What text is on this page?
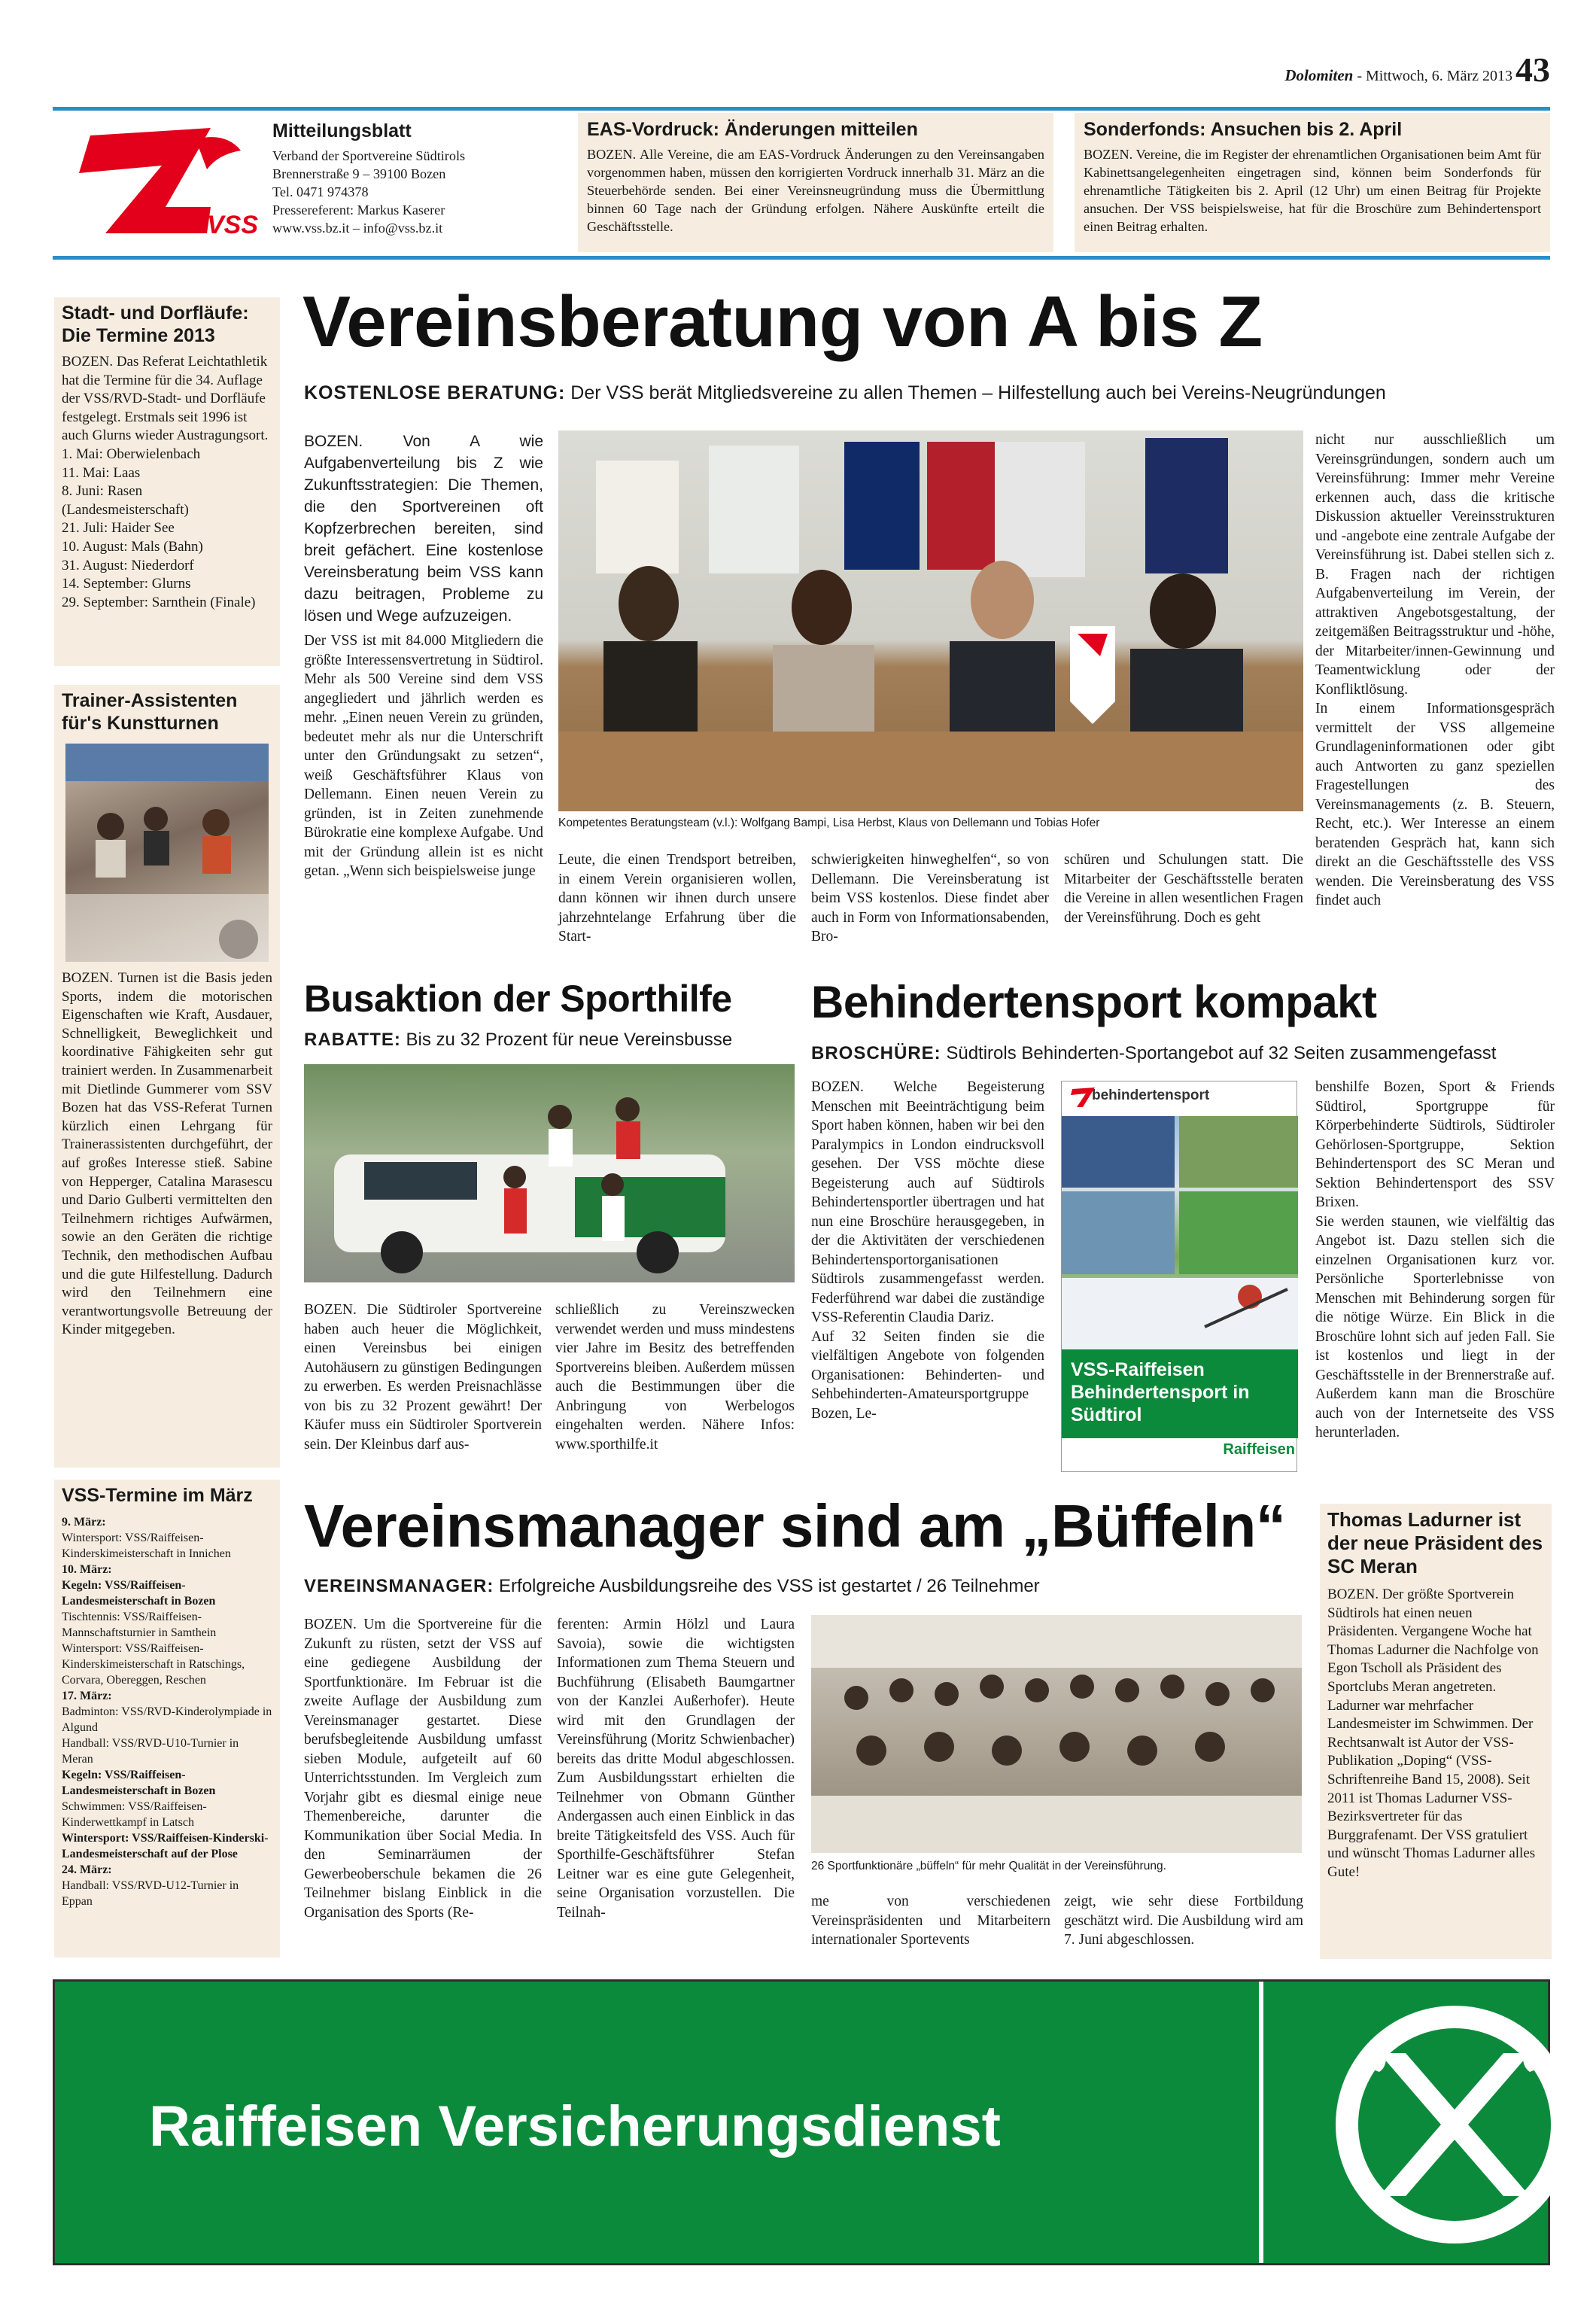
Dolomiten - Mittwoch, 6. März 2013 43
VSS
Mitteilungsblatt
Verband der Sportvereine Südtirols
Brennerstraße 9 – 39100 Bozen
Tel. 0471 974378
Pressereferent: Markus Kaserer
www.vss.bz.it – info@vss.bz.it
EAS-Vordruck: Änderungen mitteilen
BOZEN. Alle Vereine, die am EAS-Vordruck Änderungen zu den Vereinsangaben vorgenommen haben, müssen den korrigierten Vordruck innerhalb 31. März an die Steuerbehörde senden. Bei einer Vereinsneugründung muss die Übermittlung binnen 60 Tage nach der Gründung erfolgen. Nähere Auskünfte erteilt die Geschäftsstelle.
Sonderfonds: Ansuchen bis 2. April
BOZEN. Vereine, die im Register der ehrenamtlichen Organisationen beim Amt für Kabinettsangelegenheiten eingetragen sind, können beim Sonderfonds für ehrenamtliche Tätigkeiten bis 2. April (12 Uhr) um einen Beitrag für Projekte ansuchen. Der VSS beispielsweise, hat für die Broschüre zum Behindertensport einen Beitrag erhalten.
Stadt- und Dorfläufe: Die Termine 2013
BOZEN. Das Referat Leichtathletik hat die Termine für die 34. Auflage der VSS/RVD-Stadt- und Dorfläufe festgelegt. Erstmals seit 1996 ist auch Glurns wieder Austragungsort.
1. Mai: Oberwielenbach
11. Mai: Laas
8. Juni: Rasen (Landesmeisterschaft)
21. Juli: Haider See
10. August: Mals (Bahn)
31. August: Niederdorf
14. September: Glurns
29. September: Sarnthein (Finale)
Trainer-Assistenten für's Kunstturnen
BOZEN. Turnen ist die Basis jeden Sports, indem die motorischen Eigenschaften wie Kraft, Ausdauer, Schnelligkeit, Beweglichkeit und koordinative Fähigkeiten sehr gut trainiert werden. In Zusammenarbeit mit Dietlinde Gummerer vom SSV Bozen hat das VSS-Referat Turnen kürzlich einen Lehrgang für Trainerassistenten durchgeführt, der auf großes Interesse stieß. Sabine von Hepperger, Catalina Marasescu und Dario Gulberti vermittelten den Teilnehmern richtiges Aufwärmen, sowie an den Geräten die richtige Technik, den methodischen Aufbau und die gute Hilfestellung. Dadurch wird den Teilnehmern eine verantwortungsvolle Betreuung der Kinder mitgegeben.
VSS-Termine im März
9. März:
Wintersport: VSS/Raiffeisen-Kinderskimeisterschaft in Innichen
10. März:
Kegeln: VSS/Raiffeisen-Landesmeisterschaft in Bozen
Tischtennis: VSS/Raiffeisen-Mannschaftsturnier in Samthein
Wintersport: VSS/Raiffeisen-Kinderskimeisterschaft in Ratschings, Corvara, Obereggen, Reschen
17. März:
Badminton: VSS/RVD-Kinderolympiade in Algund
Handball: VSS/RVD-U10-Turnier in Meran
Kegeln: VSS/Raiffeisen-Landesmeisterschaft in Bozen
Schwimmen: VSS/Raiffeisen-Kinderwettkampf in Latsch
Wintersport: VSS/Raiffeisen-Kinderski-Landesmeisterschaft auf der Plose
24. März:
Handball: VSS/RVD-U12-Turnier in Eppan
Vereinsberatung von A bis Z
KOSTENLOSE BERATUNG: Der VSS berät Mitgliedsvereine zu allen Themen – Hilfestellung auch bei Vereins-Neugründungen
BOZEN. Von A wie Aufgabenverteilung bis Z wie Zukunftsstrategien: Die Themen, die den Sportvereinen oft Kopfzerbrechen bereiten, sind breit gefächert. Eine kostenlose Vereinsberatung beim VSS kann dazu beitragen, Probleme zu lösen und Wege aufzuzeigen.
Der VSS ist mit 84.000 Mitgliedern die größte Interessensvertretung in Südtirol. Mehr als 500 Vereine sind dem VSS angegliedert und jährlich werden es mehr. „Einen neuen Verein zu gründen, bedeutet mehr als nur die Unterschrift unter den Gründungsakt zu setzen“, weiß Geschäftsführer Klaus von Dellemann. Einen neuen Verein zu gründen, ist in Zeiten zunehmende Bürokratie eine komplexe Aufgabe. Und mit der Gründung allein ist es nicht getan. „Wenn sich beispielsweise junge
Kompetentes Beratungsteam (v.l.): Wolfgang Bampi, Lisa Herbst, Klaus von Dellemann und Tobias Hofer
Leute, die einen Trendsport betreiben, in einem Verein organisieren wollen, dann können wir ihnen durch unsere jahrzehntelange Erfahrung über die Start-
schwierigkeiten hinweghelfen“, so von Dellemann. Die Vereinsberatung ist beim VSS kostenlos. Diese findet aber auch in Form von Informationsabenden, Bro-
schüren und Schulungen statt. Die Mitarbeiter der Geschäftsstelle beraten die Vereine in allen wesentlichen Fragen der Vereinsführung. Doch es geht
nicht nur ausschließlich um Vereinsgründungen, sondern auch um Vereinsführung: Immer mehr Vereine erkennen auch, dass die kritische Diskussion aktueller Vereinsstrukturen und -angebote eine zentrale Aufgabe der Vereinsführung ist. Dabei stellen sich z. B. Fragen nach der richtigen Aufgabenverteilung im Verein, der attraktiven Angebotsgestaltung, der zeitgemäßen Beitragsstruktur und -höhe, der Mitarbeiter/innen-Gewinnung und Teamentwicklung oder der Konfliktlösung.
In einem Informationsgespräch vermittelt der VSS allgemeine Grundlageninformationen oder gibt auch Antworten zu ganz speziellen Fragestellungen des Vereinsmanagements (z. B. Steuern, Recht, etc.). Wer Interesse an einem beratenden Gespräch hat, kann sich direkt an die Geschäftsstelle des VSS wenden. Die Vereinsberatung des VSS findet auch
Busaktion der Sporthilfe
RABATTE: Bis zu 32 Prozent für neue Vereinsbusse
BOZEN. Die Südtiroler Sportvereine haben auch heuer die Möglichkeit, einen Vereinsbus bei einigen Autohäusern zu günstigen Bedingungen zu erwerben. Es werden Preisnachlässe von bis zu 32 Prozent gewährt! Der Käufer muss ein Südtiroler Sportverein sein. Der Kleinbus darf aus-
schließlich zu Vereinszwecken verwendet werden und muss mindestens vier Jahre im Besitz des betreffenden Sportvereins bleiben. Außerdem müssen auch die Bestimmungen über die Anbringung von Werbelogos eingehalten werden. Nähere Infos: www.sporthilfe.it
Behindertensport kompakt
BROSCHÜRE: Südtirols Behinderten-Sportangebot auf 32 Seiten zusammengefasst
BOZEN. Welche Begeisterung Menschen mit Beeinträchtigung beim Sport haben können, haben wir bei den Paralympics in London eindrucksvoll gesehen. Der VSS möchte diese Begeisterung auch auf Südtirols Behindertensportler übertragen und hat nun eine Broschüre herausgegeben, in der die Aktivitäten der verschiedenen Behindertensportorganisationen Südtirols zusammengefasst werden. Federführend war dabei die zuständige VSS-Referentin Claudia Dariz.
Auf 32 Seiten finden sie die vielfältigen Angebote von folgenden Organisationen: Behinderten- und Sehbehinderten-Amateursportgruppe Bozen, Le-
behindertensport
VSS-Raiffeisen Behindertensport in Südtirol
Raiffeisen
benshilfe Bozen, Sport & Friends Südtirol, Sportgruppe für Körperbehinderte Südtirols, Südtiroler Gehörlosen-Sportgruppe, Sektion Behindertensport des SC Meran und Sektion Behindertensport des SSV Brixen.
Sie werden staunen, wie vielfältig das Angebot ist. Dazu stellen sich die einzelnen Organisationen kurz vor. Persönliche Sporterlebnisse von Menschen mit Behinderung sorgen für die nötige Würze. Ein Blick in die Broschüre lohnt sich auf jeden Fall. Sie ist kostenlos und liegt in der Geschäftsstelle in der Brennerstraße auf. Außerdem kann man die Broschüre auch von der Internetseite des VSS herunterladen.
Vereinsmanager sind am „Büffeln“
VEREINSMANAGER: Erfolgreiche Ausbildungsreihe des VSS ist gestartet / 26 Teilnehmer
BOZEN. Um die Sportvereine für die Zukunft zu rüsten, setzt der VSS auf eine gediegene Ausbildung der Sportfunktionäre. Im Februar ist die zweite Auflage der Ausbildung zum Vereinsmanager gestartet. Diese berufsbegleitende Ausbildung umfasst sieben Module, aufgeteilt auf 60 Unterrichtsstunden. Im Vergleich zum Vorjahr gibt es diesmal einige neue Themenbereiche, darunter die Kommunikation über Social Media. In den Seminarräumen der Gewerbeoberschule bekamen die 26 Teilnehmer bislang Einblick in die Organisation des Sports (Re-
ferenten: Armin Hölzl und Laura Savoia), sowie die wichtigsten Informationen zum Thema Steuern und Buchführung (Elisabeth Baumgartner von der Kanzlei Außerhofer). Heute wird mit den Grundlagen der Vereinsführung (Moritz Schwienbacher) bereits das dritte Modul abgeschlossen. Zum Ausbildungsstart erhielten die Teilnehmer von Obmann Günther Andergassen auch einen Einblick in das breite Tätigkeitsfeld des VSS. Auch für Sporthilfe-Geschäftsführer Stefan Leitner war es eine gute Gelegenheit, seine Organisation vorzustellen. Die Teilnah-
26 Sportfunktionäre „büffeln“ für mehr Qualität in der Vereinsführung.
me von verschiedenen Vereinspräsidenten und Mitarbeitern internationaler Sportevents
zeigt, wie sehr diese Fortbildung geschätzt wird. Die Ausbildung wird am 7. Juni abgeschlossen.
Thomas Ladurner ist der neue Präsident des SC Meran
BOZEN. Der größte Sportverein Südtirols hat einen neuen Präsidenten. Vergangene Woche hat Thomas Ladurner die Nachfolge von Egon Tscholl als Präsident des Sportclubs Meran angetreten. Ladurner war mehrfacher Landesmeister im Schwimmen. Der Rechtsanwalt ist Autor der VSS-Publikation „Doping“ (VSS-Schriftenreihe Band 15, 2008). Seit 2011 ist Thomas Ladurner VSS-Bezirksvertreter für das Burggrafenamt. Der VSS gratuliert und wünscht Thomas Ladurner alles Gute!
Raiffeisen Versicherungsdienst
